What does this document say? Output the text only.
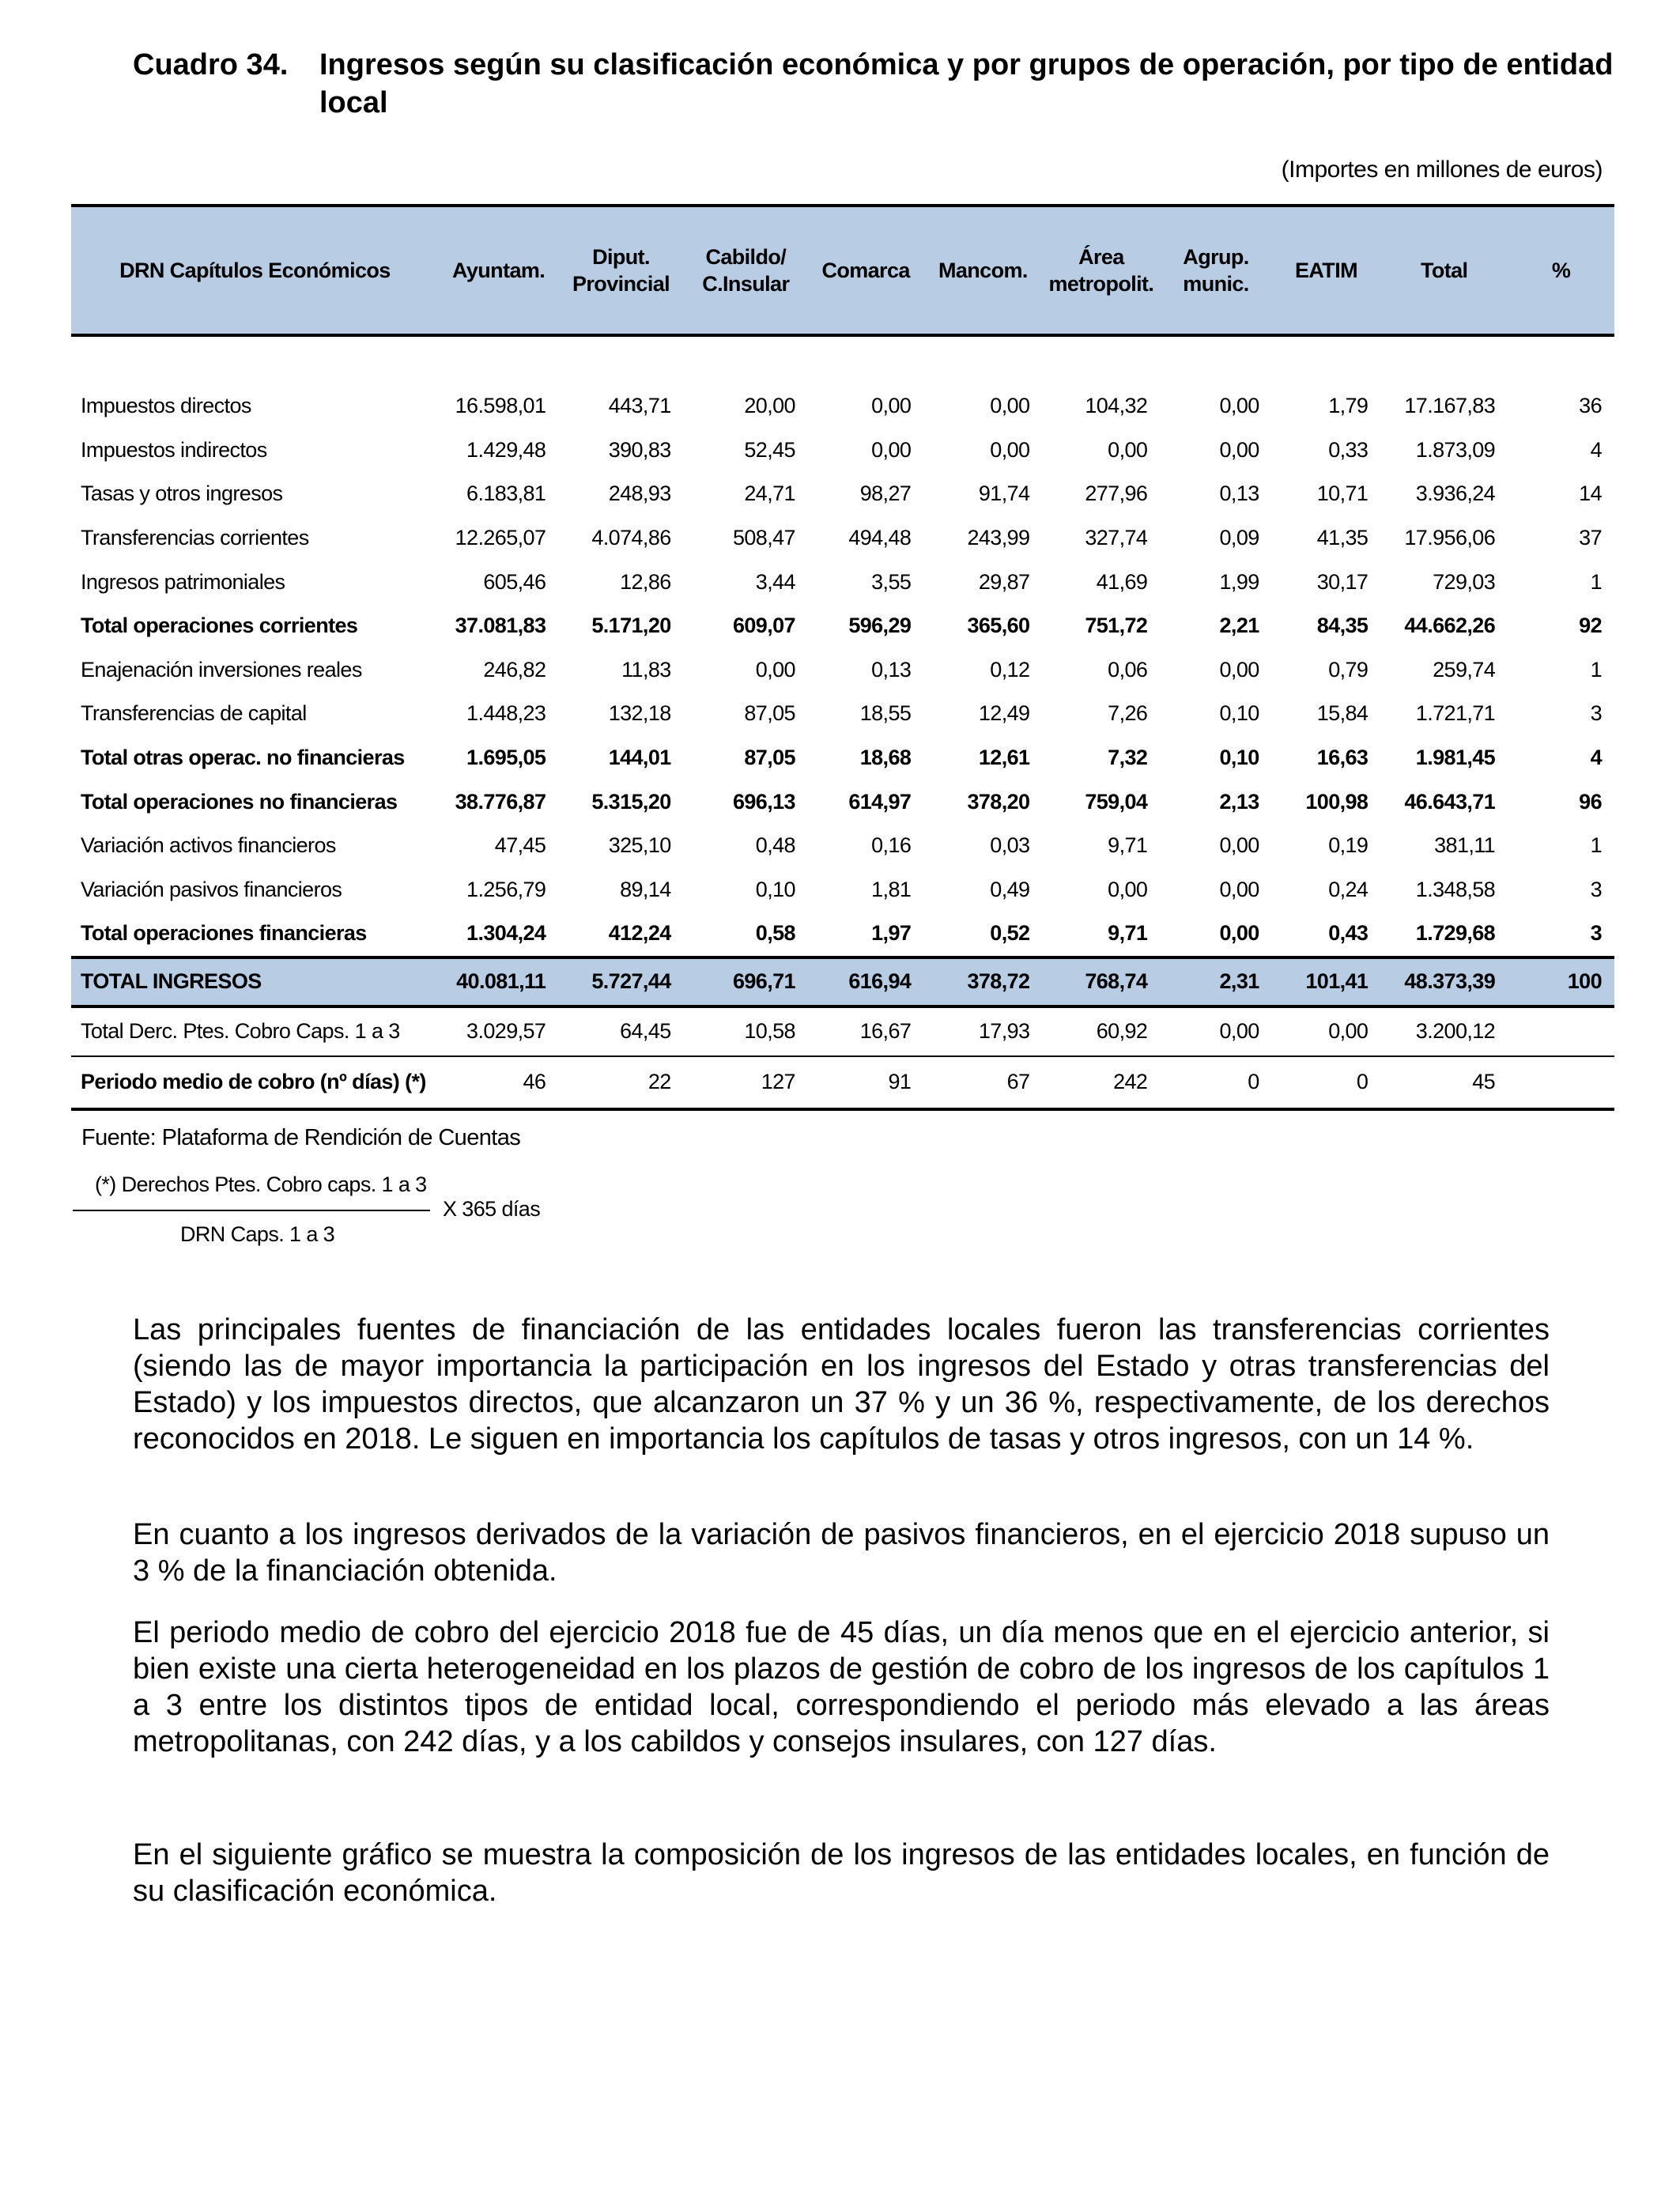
Cuadro 34. Ingresos según su clasificación económica y por grupos de operación, por tipo de entidad local
(Importes en millones de euros)
DRN Capítulos Económicos	Ayuntam.	Diput. Provincial	Cabildo/ C.Insular	Comarca	Mancom.	Área metropolit.	Agrup. munic.	EATIM	Total	%

Impuestos directos	16.598,01	443,71	20,00	0,00	0,00	104,32	0,00	1,79	17.167,83	36
Impuestos indirectos	1.429,48	390,83	52,45	0,00	0,00	0,00	0,00	0,33	1.873,09	4
Tasas y otros ingresos	6.183,81	248,93	24,71	98,27	91,74	277,96	0,13	10,71	3.936,24	14
Transferencias corrientes	12.265,07	4.074,86	508,47	494,48	243,99	327,74	0,09	41,35	17.956,06	37
Ingresos patrimoniales	605,46	12,86	3,44	3,55	29,87	41,69	1,99	30,17	729,03	1
Total operaciones corrientes	37.081,83	5.171,20	609,07	596,29	365,60	751,72	2,21	84,35	44.662,26	92
Enajenación inversiones reales	246,82	11,83	0,00	0,13	0,12	0,06	0,00	0,79	259,74	1
Transferencias de capital	1.448,23	132,18	87,05	18,55	12,49	7,26	0,10	15,84	1.721,71	3
Total otras operac. no financieras	1.695,05	144,01	87,05	18,68	12,61	7,32	0,10	16,63	1.981,45	4
Total operaciones no financieras	38.776,87	5.315,20	696,13	614,97	378,20	759,04	2,13	100,98	46.643,71	96
Variación activos financieros	47,45	325,10	0,48	0,16	0,03	9,71	0,00	0,19	381,11	1
Variación pasivos financieros	1.256,79	89,14	0,10	1,81	0,49	0,00	0,00	0,24	1.348,58	3
Total operaciones financieras	1.304,24	412,24	0,58	1,97	0,52	9,71	0,00	0,43	1.729,68	3
TOTAL INGRESOS	40.081,11	5.727,44	696,71	616,94	378,72	768,74	2,31	101,41	48.373,39	100
Total Derc. Ptes. Cobro Caps. 1 a 3	3.029,57	64,45	10,58	16,67	17,93	60,92	0,00	0,00	3.200,12	
Periodo medio de cobro (nº días) (*)	46	22	127	91	67	242	0	0	45	
Fuente: Plataforma de Rendición de Cuentas
(*) Derechos Ptes. Cobro caps. 1 a 3
DRN Caps. 1 a 3
X 365 días

Las principales fuentes de financiación de las entidades locales fueron las transferencias corrientes (siendo las de mayor importancia la participación en los ingresos del Estado y otras transferencias del Estado) y los impuestos directos, que alcanzaron un 37 % y un 36 %, respectivamente, de los derechos reconocidos en 2018. Le siguen en importancia los capítulos de tasas y otros ingresos, con un 14 %.

En cuanto a los ingresos derivados de la variación de pasivos financieros, en el ejercicio 2018 supuso un 3 % de la financiación obtenida.

El periodo medio de cobro del ejercicio 2018 fue de 45 días, un día menos que en el ejercicio anterior, si bien existe una cierta heterogeneidad en los plazos de gestión de cobro de los ingresos de los capítulos 1 a 3 entre los distintos tipos de entidad local, correspondiendo el periodo más elevado a las áreas metropolitanas, con 242 días, y a los cabildos y consejos insulares, con 127 días.

En el siguiente gráfico se muestra la composición de los ingresos de las entidades locales, en función de su clasificación económica.
